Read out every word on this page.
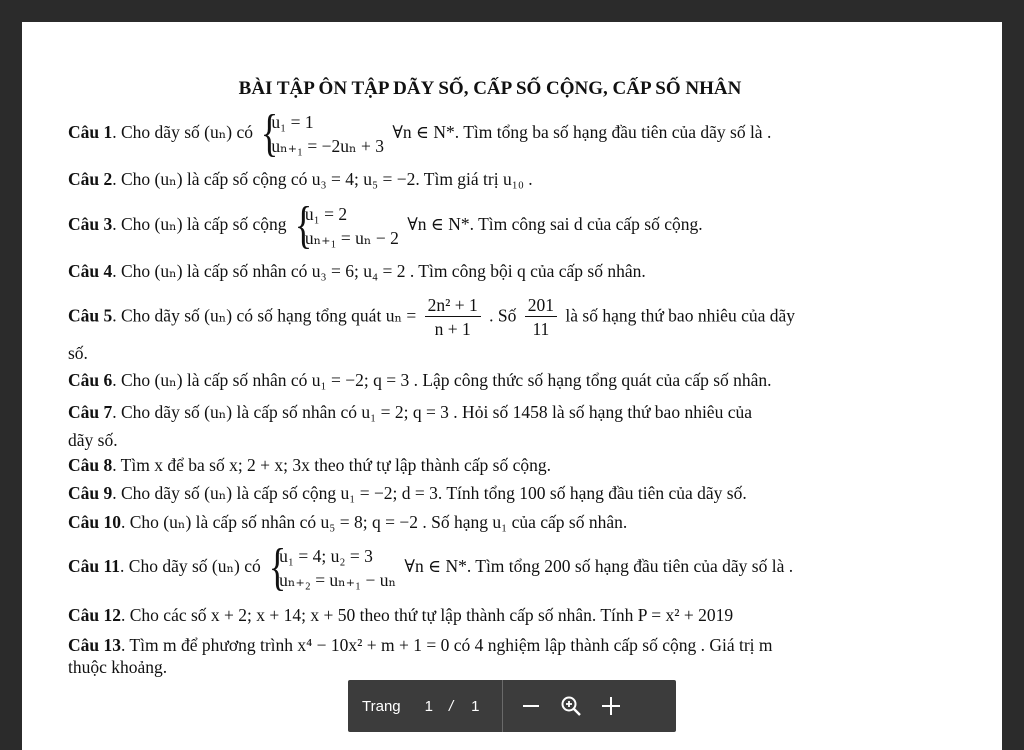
BÀI TẬP ÔN TẬP DÃY SỐ, CẤP SỐ CỘNG, CẤP SỐ NHÂN
Câu 1. Cho dãy số (uₙ) có
{ u₁ = 1
uₙ₊₁ = −2uₙ + 3
∀n ∈ N*. Tìm tổng ba số hạng đầu tiên của dãy số là .
Câu 2. Cho (uₙ) là cấp số cộng có u₃ = 4; u₅ = −2. Tìm giá trị u₁₀ .
Câu 3. Cho (uₙ) là cấp số cộng
{ u₁ = 2
uₙ₊₁ = uₙ − 2
∀n ∈ N*. Tìm công sai d của cấp số cộng.
Câu 4. Cho (uₙ) là cấp số nhân có u₃ = 6; u₄ = 2 . Tìm công bội q của cấp số nhân.
Câu 5. Cho dãy số (uₙ) có số hạng tổng quát $u_n = \frac{\text{2n² + 1}}{n + 1}$ . Số $\frac{201}{11}$ là số hạng thứ bao nhiêu của dãy
số.
Câu 6. Cho (uₙ) là cấp số nhân có u₁ = −2; q = 3 . Lập công thức số hạng tổng quát của cấp số nhân.
Câu 7. Cho dãy số (uₙ) là cấp số nhân có u₁ = 2; q = 3 . Hỏi số 1458 là số hạng thứ bao nhiêu của
dãy số.
Câu 8. Tìm x để ba số x; 2 + x; 3x theo thứ tự lập thành cấp số cộng.
Câu 9. Cho dãy số (uₙ) là cấp số cộng u₁ = −2; d = 3. Tính tổng 100 số hạng đầu tiên của dãy số.
Câu 10. Cho (uₙ) là cấp số nhân có u₅ = 8; q = −2 . Số hạng u₁ của cấp số nhân.
Câu 11. Cho dãy số (uₙ) có
{ u₁ = 4; u₂ = 3
uₙ₊₂ = uₙ₊₁ − uₙ
∀n ∈ N*. Tìm tổng 200 số hạng đầu tiên của dãy số là .
Câu 12. Cho các số x + 2; x + 14; x + 50 theo thứ tự lập thành cấp số nhân. Tính P = x² + 2019
Câu 13. Tìm m để phương trình x⁴ − 10x² + m + 1 = 0 có 4 nghiệm lập thành cấp số cộng . Giá trị m
thuộc khoảng.
Trang 1 / 1
